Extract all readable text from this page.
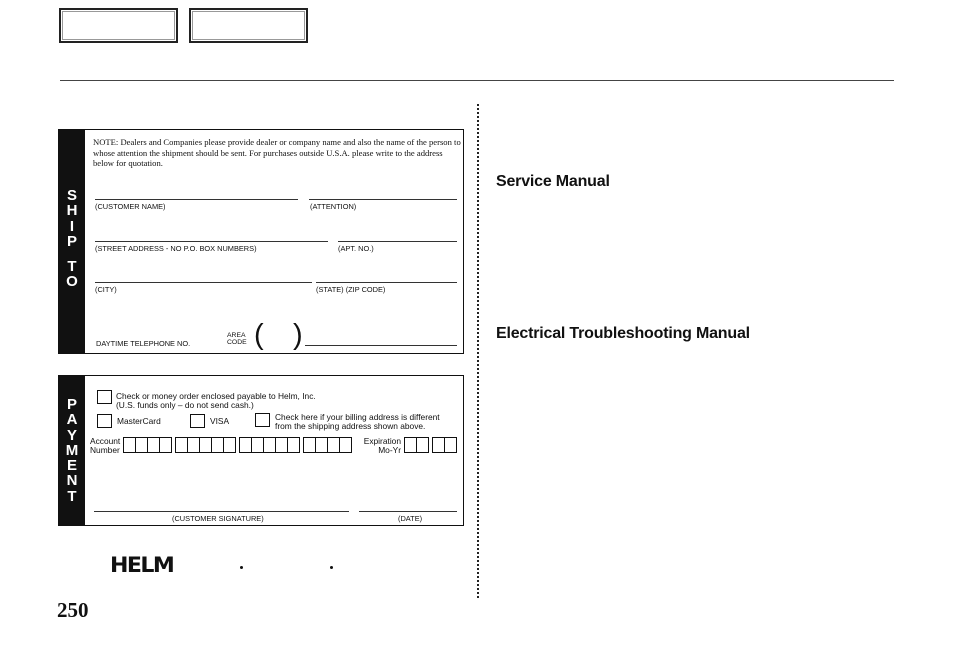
S
H
I
P
T
O
NOTE: Dealers and Companies please provide dealer or company name and also the name of the person to whose attention the shipment should be sent. For purchases outside U.S.A. please write to the address below for quotation.
(CUSTOMER NAME)	(ATTENTION)
(STREET ADDRESS - NO P.O. BOX NUMBERS)	(APT. NO.)
(CITY)	(STATE) (ZIP CODE)
DAYTIME TELEPHONE NO.
AREA
CODE ( )
P
A
Y
M
E
N
T
Check or money order enclosed payable to Helm, Inc.
(U.S. funds only – do not send cash.)
MasterCard	VISA	Check here if your billing address is different
from the shipping address shown above.
Account
Number
Expiration
Mo-Yr
(CUSTOMER SIGNATURE)	(DATE)
HELM
250
Service Manual
Electrical Troubleshooting Manual
